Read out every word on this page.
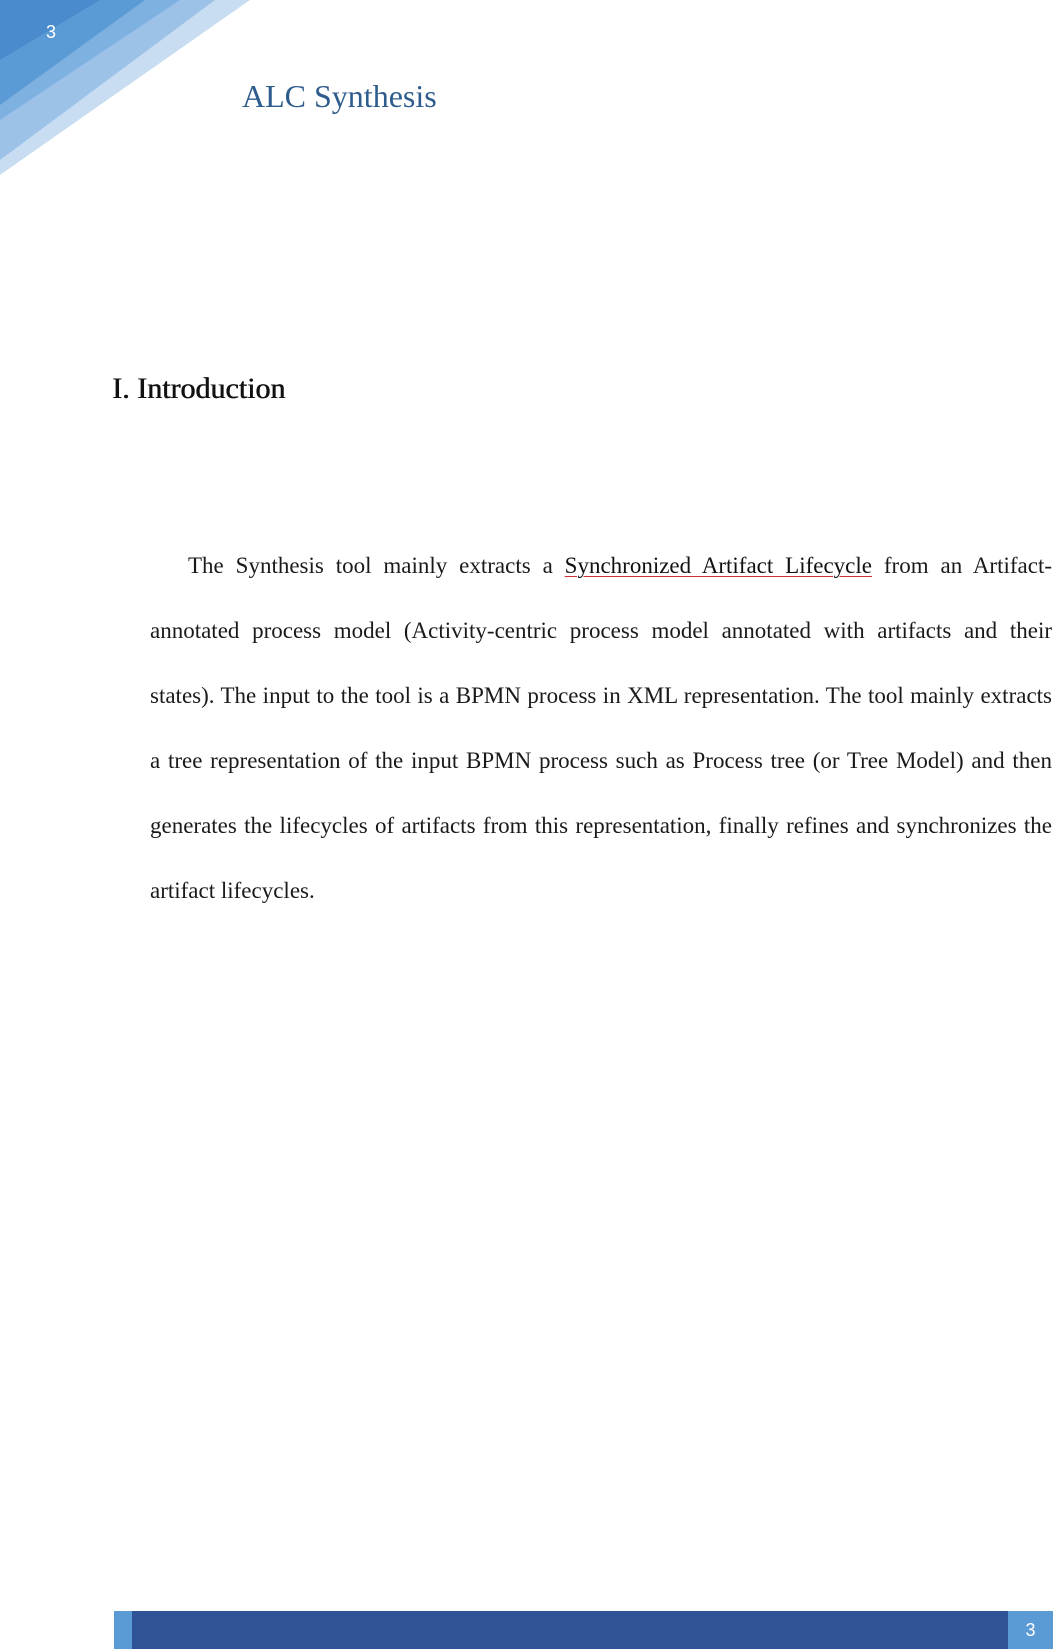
3
ALC Synthesis
I. Introduction

The Synthesis tool mainly extracts a Synchronized Artifact Lifecycle from an Artifact-annotated process model (Activity-centric process model annotated with artifacts and their states). The input to the tool is a BPMN process in XML representation. The tool mainly extracts a tree representation of the input BPMN process such as Process tree (or Tree Model) and then generates the lifecycles of artifacts from this representation, finally refines and synchronizes the artifact lifecycles.

3
